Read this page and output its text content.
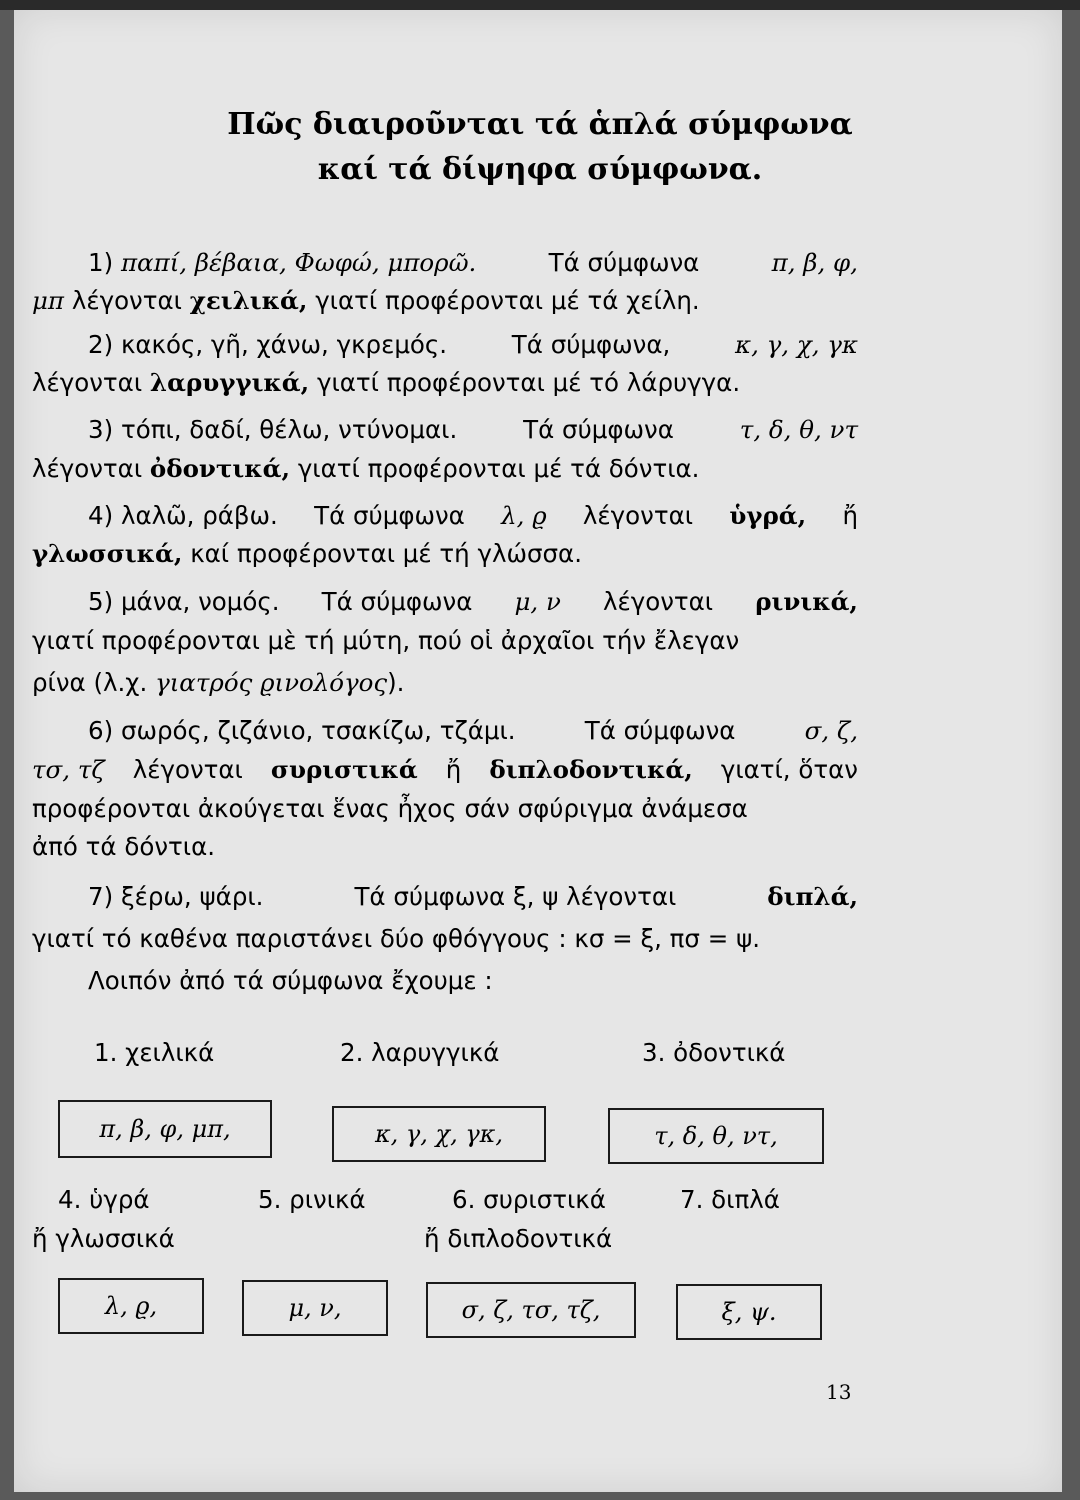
Πῶς διαιροῦνται τά ἁπλά σύμφωνα
καί τά δίψηφα σύμφωνα.
1) παπί, βέβαια, Φωφώ, μπορῶ.	Τά σύμφωνα	π, β, φ,
μπ λέγονται χειλικά, γιατί προφέρονται μέ τά χείλη.
2) κακός, γῆ, χάνω, γκρεμός.	Τά σύμφωνα,	κ, γ, χ, γκ
λέγονται λαρυγγικά, γιατί προφέρονται μέ τό λάρυγγα.
3) τόπι, δαδί, θέλω, ντύνομαι.	Τά σύμφωνα	τ, δ, θ, ντ
λέγονται ὀδοντικά, γιατί προφέρονται μέ τά δόντια.
4) λαλῶ, ράβω. Τά σύμφωνα λ, ϱ λέγονται ὑγρά, ἤ
γλωσσικά, καί προφέρονται μέ τή γλώσσα.
5) μάνα, νομός. Τά σύμφωνα μ, ν λέγονται ρινικά,
γιατί προφέρονται μὲ τή μύτη, πού οἱ ἀρχαῖοι τήν ἔλεγαν
ρίνα (λ.χ. γιατρός ϱινολόγος).
6) σωρός, ζιζάνιο, τσακίζω, τζάμι.	Τά σύμφωνα	σ, ζ,
τσ, τζ λέγονται συριστικά ἤ διπλοδοντικά, γιατί, ὅταν
προφέρονται ἀκούγεται ἕνας ἦχος σάν σφύριγμα ἀνάμεσα
ἀπό τά δόντια.
7) ξέρω, ψάρι.	Τά σύμφωνα ξ, ψ λέγονται	διπλά,
γιατί τό καθένα παριστάνει δύο φθόγγους : κσ = ξ, πσ = ψ.
Λοιπόν ἀπό τά σύμφωνα ἔχουμε :
1. χειλικά	2. λαρυγγικά	3. ὀδοντικά
π, β, φ, μπ,	κ, γ, χ, γκ,	τ, δ, θ, ντ,
4. ὑγρά
ἤ γλωσσικά
5. ρινικά	6. συριστικά
ἤ διπλοδοντικά
7. διπλά
λ, ϱ,	μ, ν,	σ, ζ, τσ, τζ,	ξ, ψ.
13
